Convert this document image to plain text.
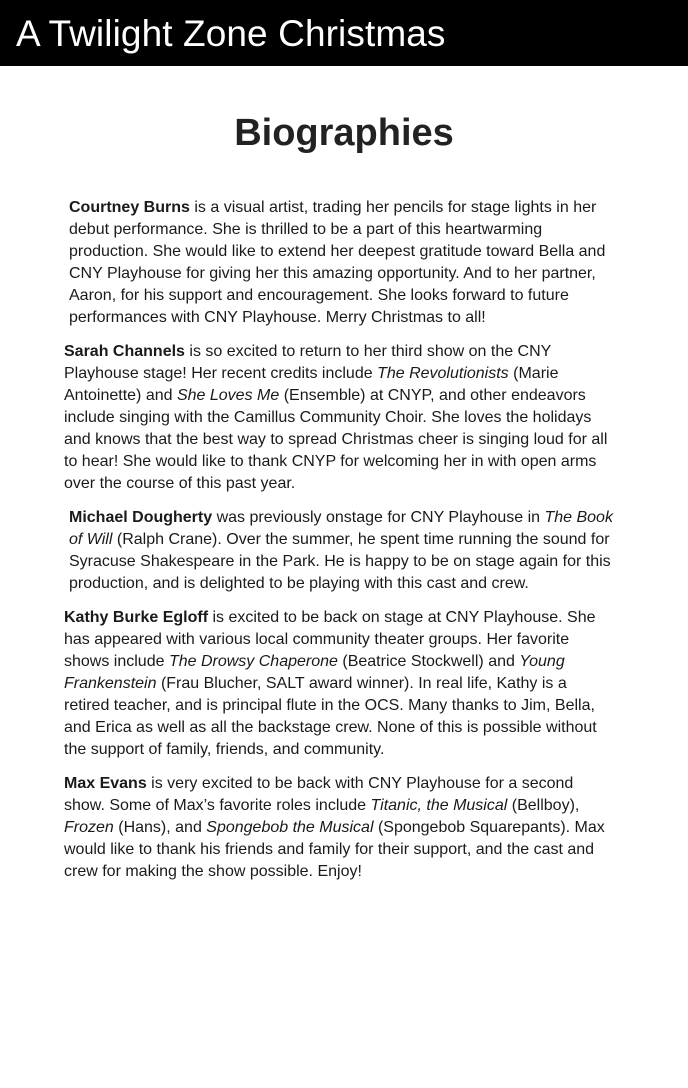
A Twilight Zone Christmas
Biographies

Courtney Burns is a visual artist, trading her pencils for stage lights in her debut performance. She is thrilled to be a part of this heartwarming production. She would like to extend her deepest gratitude toward Bella and CNY Playhouse for giving her this amazing opportunity. And to her partner, Aaron, for his support and encouragement. She looks forward to future performances with CNY Playhouse. Merry Christmas to all!

Sarah Channels is so excited to return to her third show on the CNY Playhouse stage! Her recent credits include The Revolutionists (Marie Antoinette) and She Loves Me (Ensemble) at CNYP, and other endeavors include singing with the Camillus Community Choir. She loves the holidays and knows that the best way to spread Christmas cheer is singing loud for all to hear! She would like to thank CNYP for welcoming her in with open arms over the course of this past year.

Michael Dougherty was previously onstage for CNY Playhouse in The Book of Will (Ralph Crane). Over the summer, he spent time running the sound for Syracuse Shakespeare in the Park. He is happy to be on stage again for this production, and is delighted to be playing with this cast and crew.

Kathy Burke Egloff is excited to be back on stage at CNY Playhouse. She has appeared with various local community theater groups. Her favorite shows include The Drowsy Chaperone (Beatrice Stockwell) and Young Frankenstein (Frau Blucher, SALT award winner). In real life, Kathy is a retired teacher, and is principal flute in the OCS. Many thanks to Jim, Bella, and Erica as well as all the backstage crew. None of this is possible without the support of family, friends, and community.

Max Evans is very excited to be back with CNY Playhouse for a second show. Some of Max’s favorite roles include Titanic, the Musical (Bellboy), Frozen (Hans), and Spongebob the Musical (Spongebob Squarepants). Max would like to thank his friends and family for their support, and the cast and crew for making the show possible. Enjoy!
